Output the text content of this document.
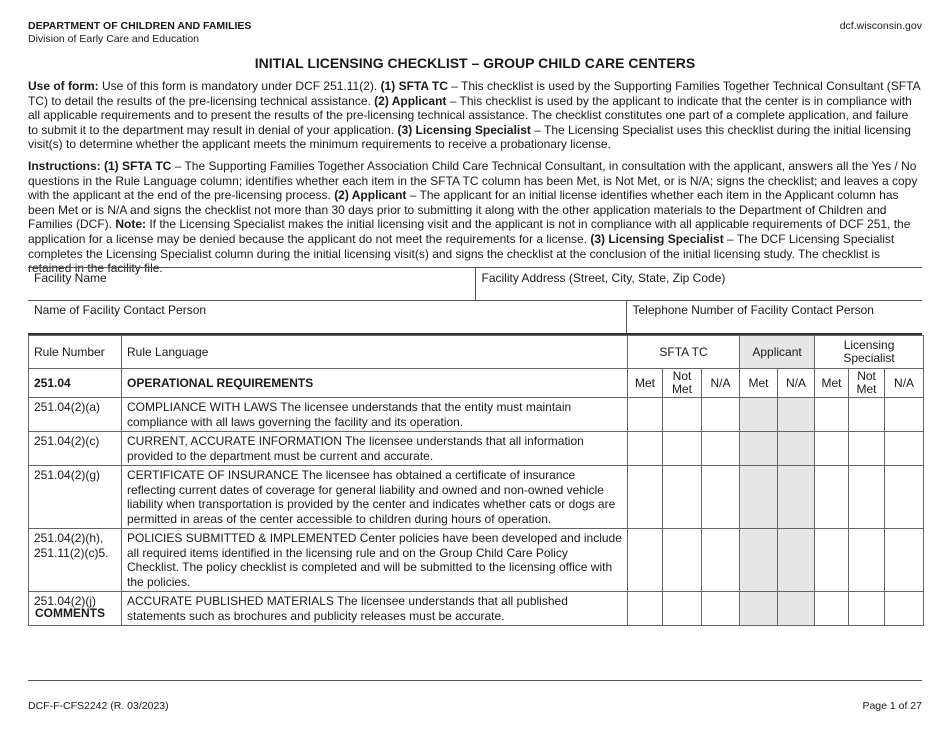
DEPARTMENT OF CHILDREN AND FAMILIES
Division of Early Care and Education
dcf.wisconsin.gov
INITIAL LICENSING CHECKLIST – GROUP CHILD CARE CENTERS
Use of form: Use of this form is mandatory under DCF 251.11(2). (1) SFTA TC – This checklist is used by the Supporting Families Together Technical Consultant (SFTA TC) to detail the results of the pre-licensing technical assistance. (2) Applicant – This checklist is used by the applicant to indicate that the center is in compliance with all applicable requirements and to present the results of the pre-licensing technical assistance. The checklist constitutes one part of a complete application, and failure to submit it to the department may result in denial of your application. (3) Licensing Specialist – The Licensing Specialist uses this checklist during the initial licensing visit(s) to determine whether the applicant meets the minimum requirements to receive a probationary license.
Instructions: (1) SFTA TC – The Supporting Families Together Association Child Care Technical Consultant, in consultation with the applicant, answers all the Yes / No questions in the Rule Language column; identifies whether each item in the SFTA TC column has been Met, is Not Met, or is N/A; signs the checklist; and leaves a copy with the applicant at the end of the pre-licensing process. (2) Applicant – The applicant for an initial license identifies whether each item in the Applicant column has been Met or is N/A and signs the checklist not more than 30 days prior to submitting it along with the other application materials to the Department of Children and Families (DCF). Note: If the Licensing Specialist makes the initial licensing visit and the applicant is not in compliance with all applicable requirements of DCF 251, the application for a license may be denied because the applicant do not meet the requirements for a license. (3) Licensing Specialist – The DCF Licensing Specialist completes the Licensing Specialist column during the initial licensing visit(s) and signs the checklist at the conclusion of the initial licensing study. The checklist is retained in the facility file.
Facility Name	Facility Address (Street, City, State, Zip Code)
Name of Facility Contact Person	Telephone Number of Facility Contact Person
Rule Number	Rule Language	SFTA TC			Applicant		Licensing Specialist		
251.04	OPERATIONAL REQUIREMENTS	Met	Not Met	N/A	Met	N/A	Met	Not Met	N/A
251.04(2)(a)	COMPLIANCE WITH LAWS The licensee understands that the entity must maintain compliance with all laws governing the facility and its operation.								
251.04(2)(c)	CURRENT, ACCURATE INFORMATION The licensee understands that all information provided to the department must be current and accurate.								
251.04(2)(g)	CERTIFICATE OF INSURANCE The licensee has obtained a certificate of insurance reflecting current dates of coverage for general liability and owned and non-owned vehicle liability when transportation is provided by the center and indicates whether cats or dogs are permitted in areas of the center accessible to children during hours of operation.								
251.04(2)(h), 251.11(2)(c)5.	POLICIES SUBMITTED & IMPLEMENTED Center policies have been developed and include all required items identified in the licensing rule and on the Group Child Care Policy Checklist. The policy checklist is completed and will be submitted to the licensing office with the policies.								
251.04(2)(j)	ACCURATE PUBLISHED MATERIALS The licensee understands that all published statements such as brochures and publicity releases must be accurate.								
COMMENTS
DCF-F-CFS2242 (R. 03/2023)	Page 1 of 27
